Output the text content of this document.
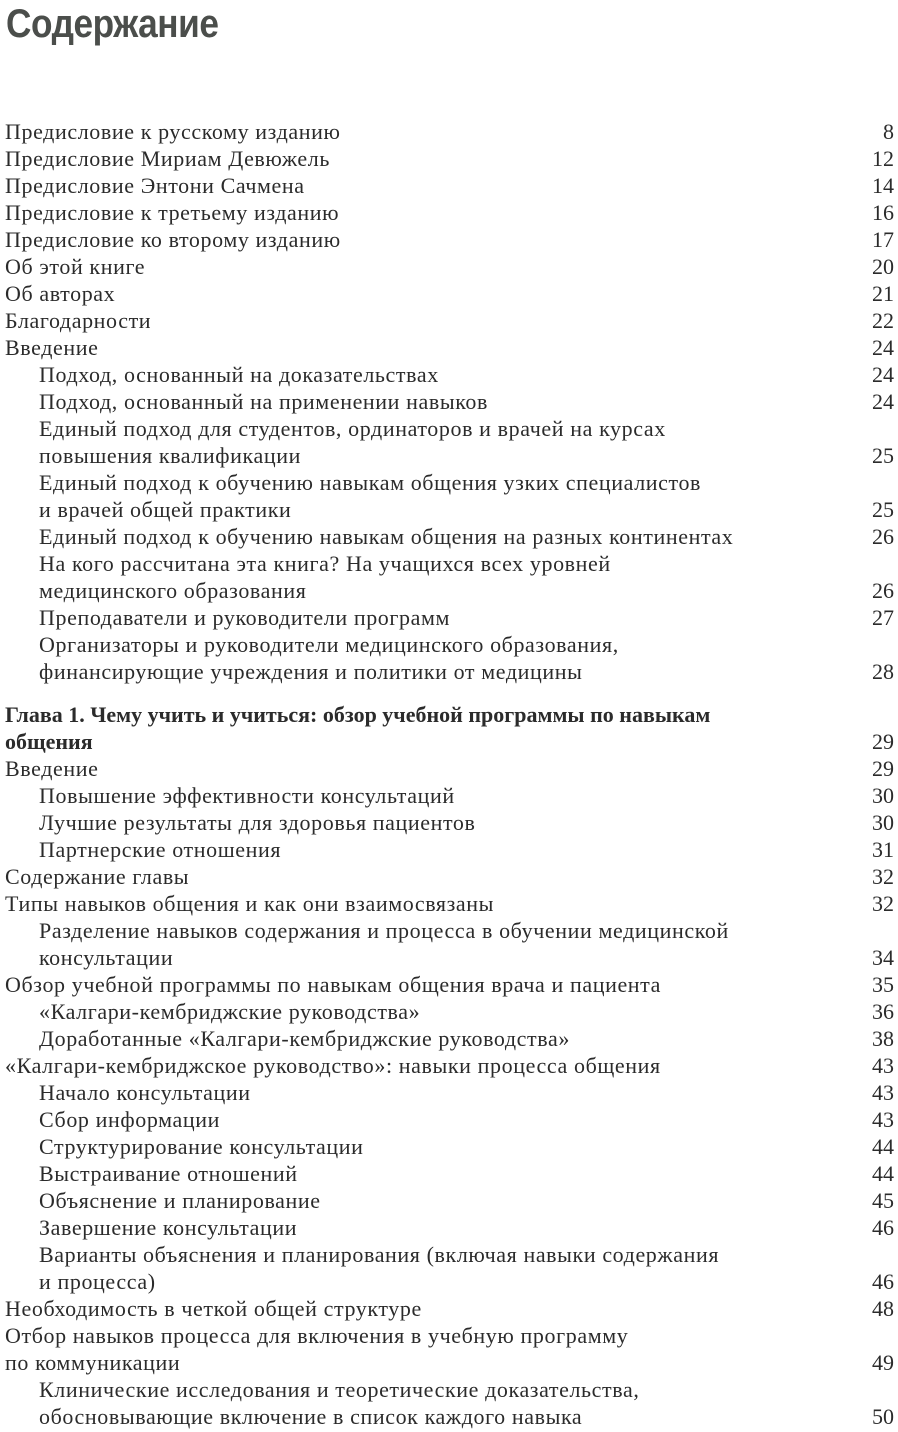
Содержание
Предисловие к русскому изданию	8
Предисловие Мириам Девюжель	12
Предисловие Энтони Сачмена	14
Предисловие к третьему изданию	16
Предисловие ко второму изданию	17
Об этой книге	20
Об авторах	21
Благодарности	22
Введение	24
Подход, основанный на доказательствах	24
Подход, основанный на применении навыков	24
Единый подход для студентов, ординаторов и врачей на курсах
повышения квалификации	25
Единый подход к обучению навыкам общения узких специалистов
и врачей общей практики	25
Единый подход к обучению навыкам общения на разных континентах	26
На кого рассчитана эта книга? На учащихся всех уровней
медицинского образования	26
Преподаватели и руководители программ	27
Организаторы и руководители медицинского образования,
финансирующие учреждения и политики от медицины	28
Глава 1. Чему учить и учиться: обзор учебной программы по навыкам
общения	29
Введение	29
Повышение эффективности консультаций	30
Лучшие результаты для здоровья пациентов	30
Партнерские отношения	31
Содержание главы	32
Типы навыков общения и как они взаимосвязаны	32
Разделение навыков содержания и процесса в обучении медицинской
консультации	34
Обзор учебной программы по навыкам общения врача и пациента	35
«Калгари-кембриджские руководства»	36
Доработанные «Калгари-кембриджские руководства»	38
«Калгари-кембриджское руководство»: навыки процесса общения	43
Начало консультации	43
Сбор информации	43
Структурирование консультации	44
Выстраивание отношений	44
Объяснение и планирование	45
Завершение консультации	46
Варианты объяснения и планирования (включая навыки содержания
и процесса)	46
Необходимость в четкой общей структуре	48
Отбор навыков процесса для включения в учебную программу
по коммуникации	49
Клинические исследования и теоретические доказательства,
обосновывающие включение в список каждого навыка	50
